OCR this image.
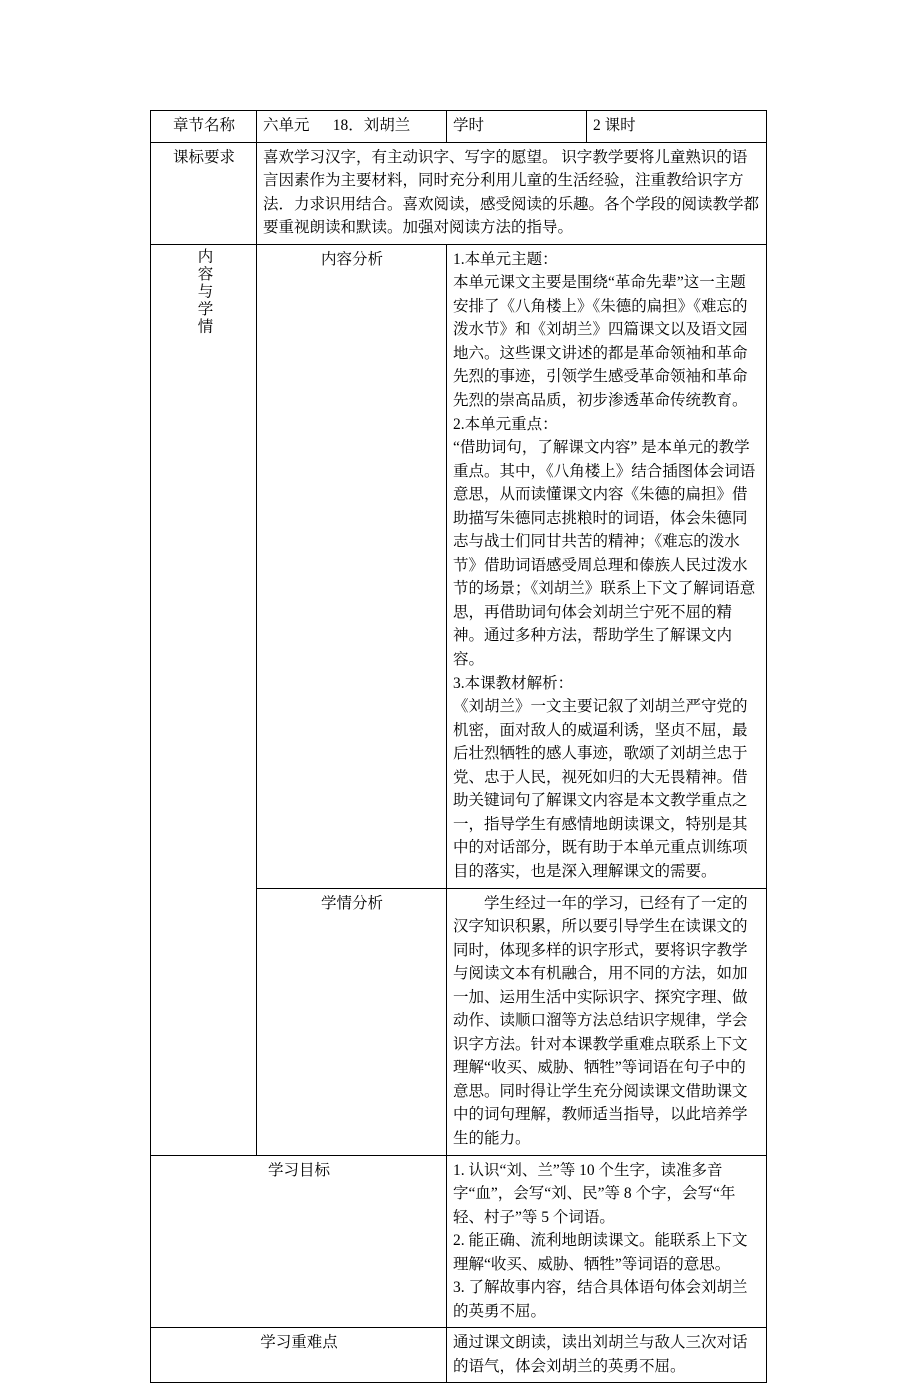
章节名称	六单元 18．刘胡兰	学时	2 课时
课标要求	喜欢学习汉字，有主动识字、写字的愿望。 识字教学要将儿童熟识的语言因素作为主要材料，同时充分利用儿童的生活经验，注重教给识字方法．力求识用结合。喜欢阅读，感受阅读的乐趣。各个学段的阅读教学都要重视朗读和默读。加强对阅读方法的指导。		
内容与学情	内容分析	1.本单元主题：

本单元课文主要是围绕“革命先辈”这一主题安排了《八角楼上》《朱德的扁担》《难忘的泼水节》和《刘胡兰》四篇课文以及语文园地六。这些课文讲述的都是革命领袖和革命先烈的事迹，引领学生感受革命领袖和革命先烈的崇高品质，初步渗透革命传统教育。

2.本单元重点：

“借助词句，了解课文内容” 是本单元的教学重点。其中，《八角楼上》结合插图体会词语意思，从而读懂课文内容《朱德的扁担》借助描写朱德同志挑粮时的词语，体会朱德同志与战士们同甘共苦的精神；《难忘的泼水节》借助词语感受周总理和傣族人民过泼水节的场景；《刘胡兰》联系上下文了解词语意思，再借助词句体会刘胡兰宁死不屈的精神。通过多种方法，帮助学生了解课文内容。

3.本课教材解析：

《刘胡兰》一文主要记叙了刘胡兰严守党的机密，面对敌人的威逼利诱，坚贞不屈，最后壮烈牺牲的感人事迹，歌颂了刘胡兰忠于党、忠于人民，视死如归的大无畏精神。借助关键词句了解课文内容是本文教学重点之一，指导学生有感情地朗读课文，特别是其中的对话部分，既有助于本单元重点训练项目的落实，也是深入理解课文的需要。

	学情分析	学生经过一年的学习，已经有了一定的汉字知识积累，所以要引导学生在读课文的同时，体现多样的识字形式，要将识字教学与阅读文本有机融合，用不同的方法，如加一加、运用生活中实际识字、探究字理、做动作、读顺口溜等方法总结识字规律，学会识字方法。针对本课教学重难点联系上下文理解“收买、威胁、牺牲”等词语在句子中的意思。同时得让学生充分阅读课文借助课文中的词句理解，教师适当指导，以此培养学生的能力。	

学习目标		1. 认识“刘、兰”等 10 个生字，读准多音字“血”，会写“刘、民”等 8 个字，会写“年轻、村子”等 5 个词语。

2. 能正确、流利地朗读课文。能联系上下文理解“收买、威胁、牺牲”等词语的意思。

3. 了解故事内容，结合具体语句体会刘胡兰的英勇不屈。	

学习重难点		通过课文朗读，读出刘胡兰与敌人三次对话的语气，体会刘胡兰的英勇不屈。	
